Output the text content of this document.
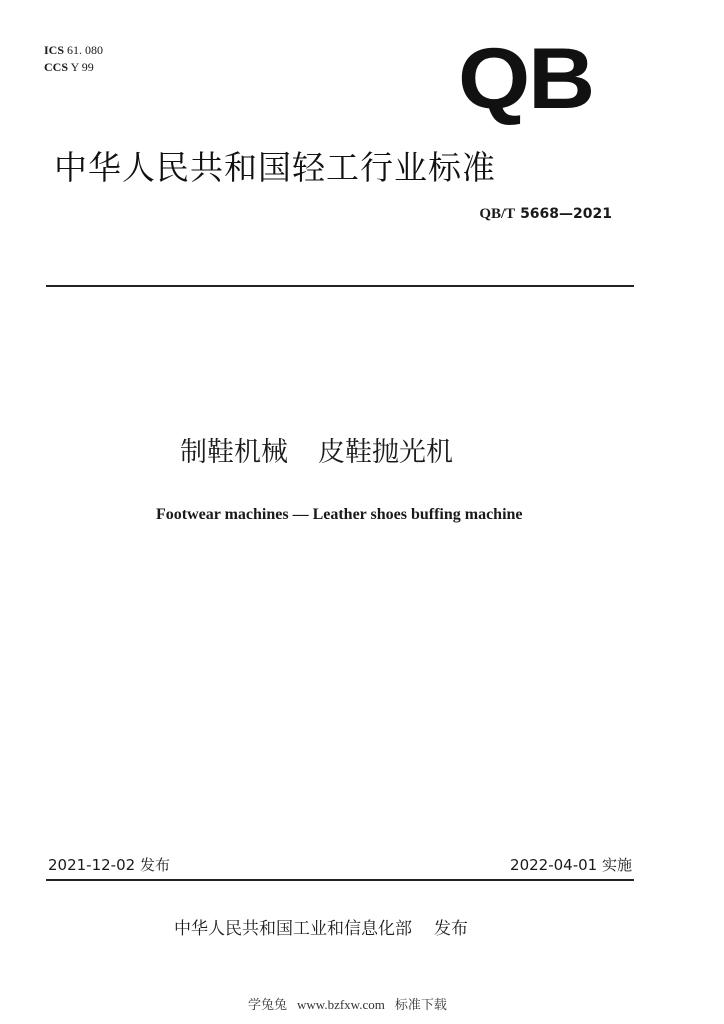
ICS 61. 080
CCS Y 99	QB
中华人民共和国轻工行业标准
QB/T 5668—2021
制鞋机械 皮鞋抛光机
Footwear machines — Leather shoes buffing machine
2021-12-02 发布	2022-04-01 实施
中华人民共和国工业和信息化部 发布
学兔兔 www.bzfxw.com 标准下载
